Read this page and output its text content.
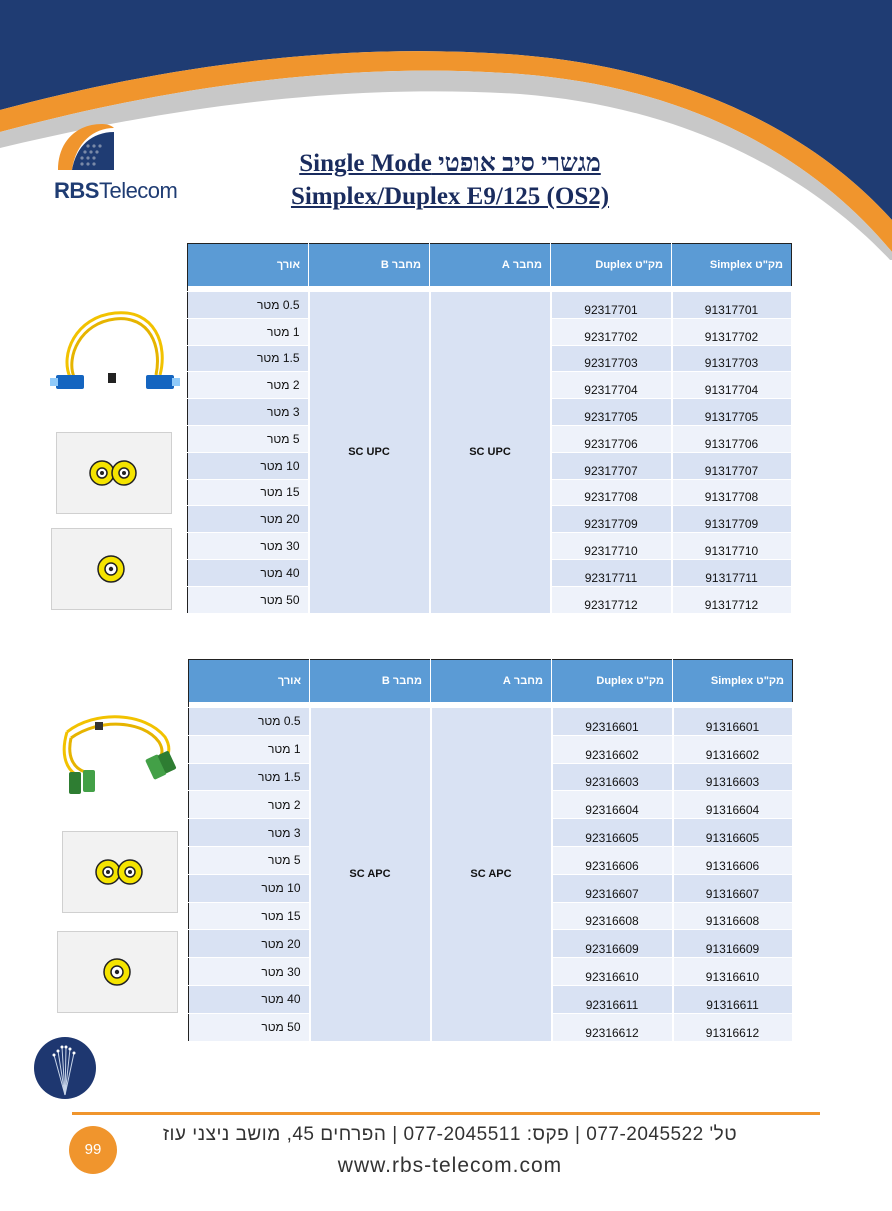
RBSTelecom
מגשרי סיב אופטי Single Mode
Simplex/Duplex E9/125 (OS2)
אורך	מחבר B	מחבר A	מק"ט Duplex	מק"ט Simplex

0.5 מטר	SC UPC	SC UPC	92317701	91317701
1 מטר			92317702	91317702
1.5 מטר			92317703	91317703
2 מטר			92317704	91317704
3 מטר			92317705	91317705
5 מטר			92317706	91317706
10 מטר			92317707	91317707
15 מטר			92317708	91317708
20 מטר			92317709	91317709
30 מטר			92317710	91317710
40 מטר			92317711	91317711
50 מטר			92317712	91317712
אורך	מחבר B	מחבר A	מק"ט Duplex	מק"ט Simplex

0.5 מטר	SC APC	SC APC	92316601	91316601
1 מטר			92316602	91316602
1.5 מטר			92316603	91316603
2 מטר			92316604	91316604
3 מטר			92316605	91316605
5 מטר			92316606	91316606
10 מטר			92316607	91316607
15 מטר			92316608	91316608
20 מטר			92316609	91316609
30 מטר			92316610	91316610
40 מטר			92316611	91316611
50 מטר			92316612	91316612
99
טל' 077-2045522 | פקס: 077-2045511 | הפרחים 45, מושב ניצני עוז
www.rbs-telecom.com
